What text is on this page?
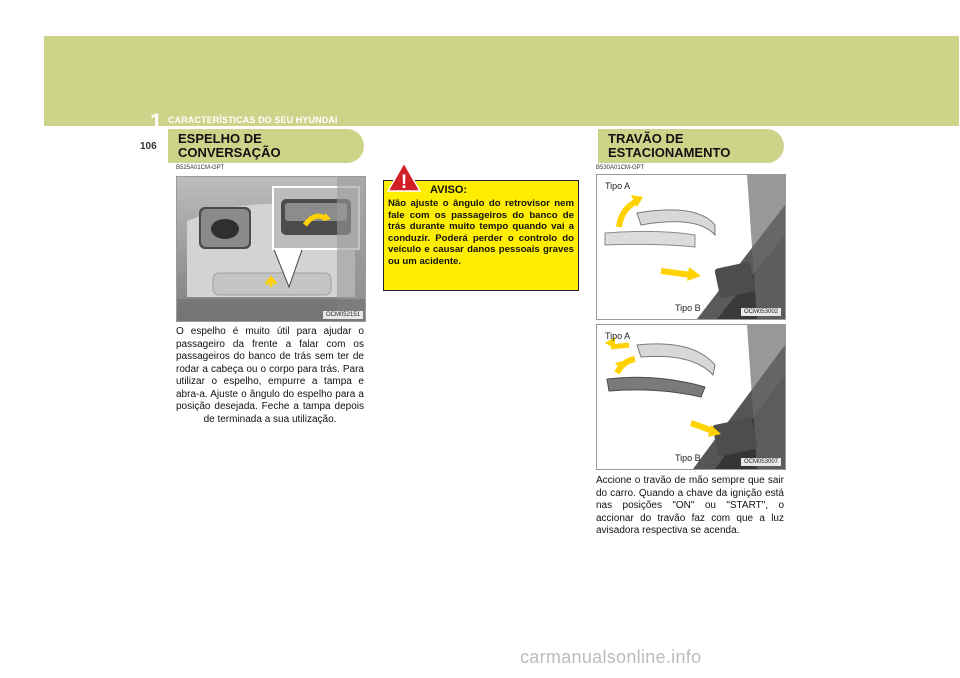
1 CARACTERÍSTICAS DO SEU HYUNDAI
106
ESPELHO DE
CONVERSAÇÃO
B525A01CM-GPT
OCM052151

O espelho é muito útil para ajudar o passageiro da frente a falar com os passageiros do banco de trás sem ter de rodar a cabeça ou o corpo para trás. Para utilizar o espelho, empurre a tampa e abra-a. Ajuste o ângulo do espelho para a posição desejada. Feche a tampa depois de terminada a sua utilização.

! AVISO:

Não ajuste o ângulo do retrovisor nem fale com os passageiros do banco de trás durante muito tempo quando vai a conduzir. Poderá perder o controlo do veículo e causar danos pessoais graves ou um acidente.

TRAVÃO DE
ESTACIONAMENTO
B530A01CM-GPT
Tipo A
Tipo B	OCM053002
Tipo A
Tipo B	OCM053007

Accione o travão de mão sempre que sair do carro. Quando a chave da ignição está nas posições "ON" ou "START", o accionar do travão faz com que a luz avisadora respectiva se acenda.

carmanualsonline.info
